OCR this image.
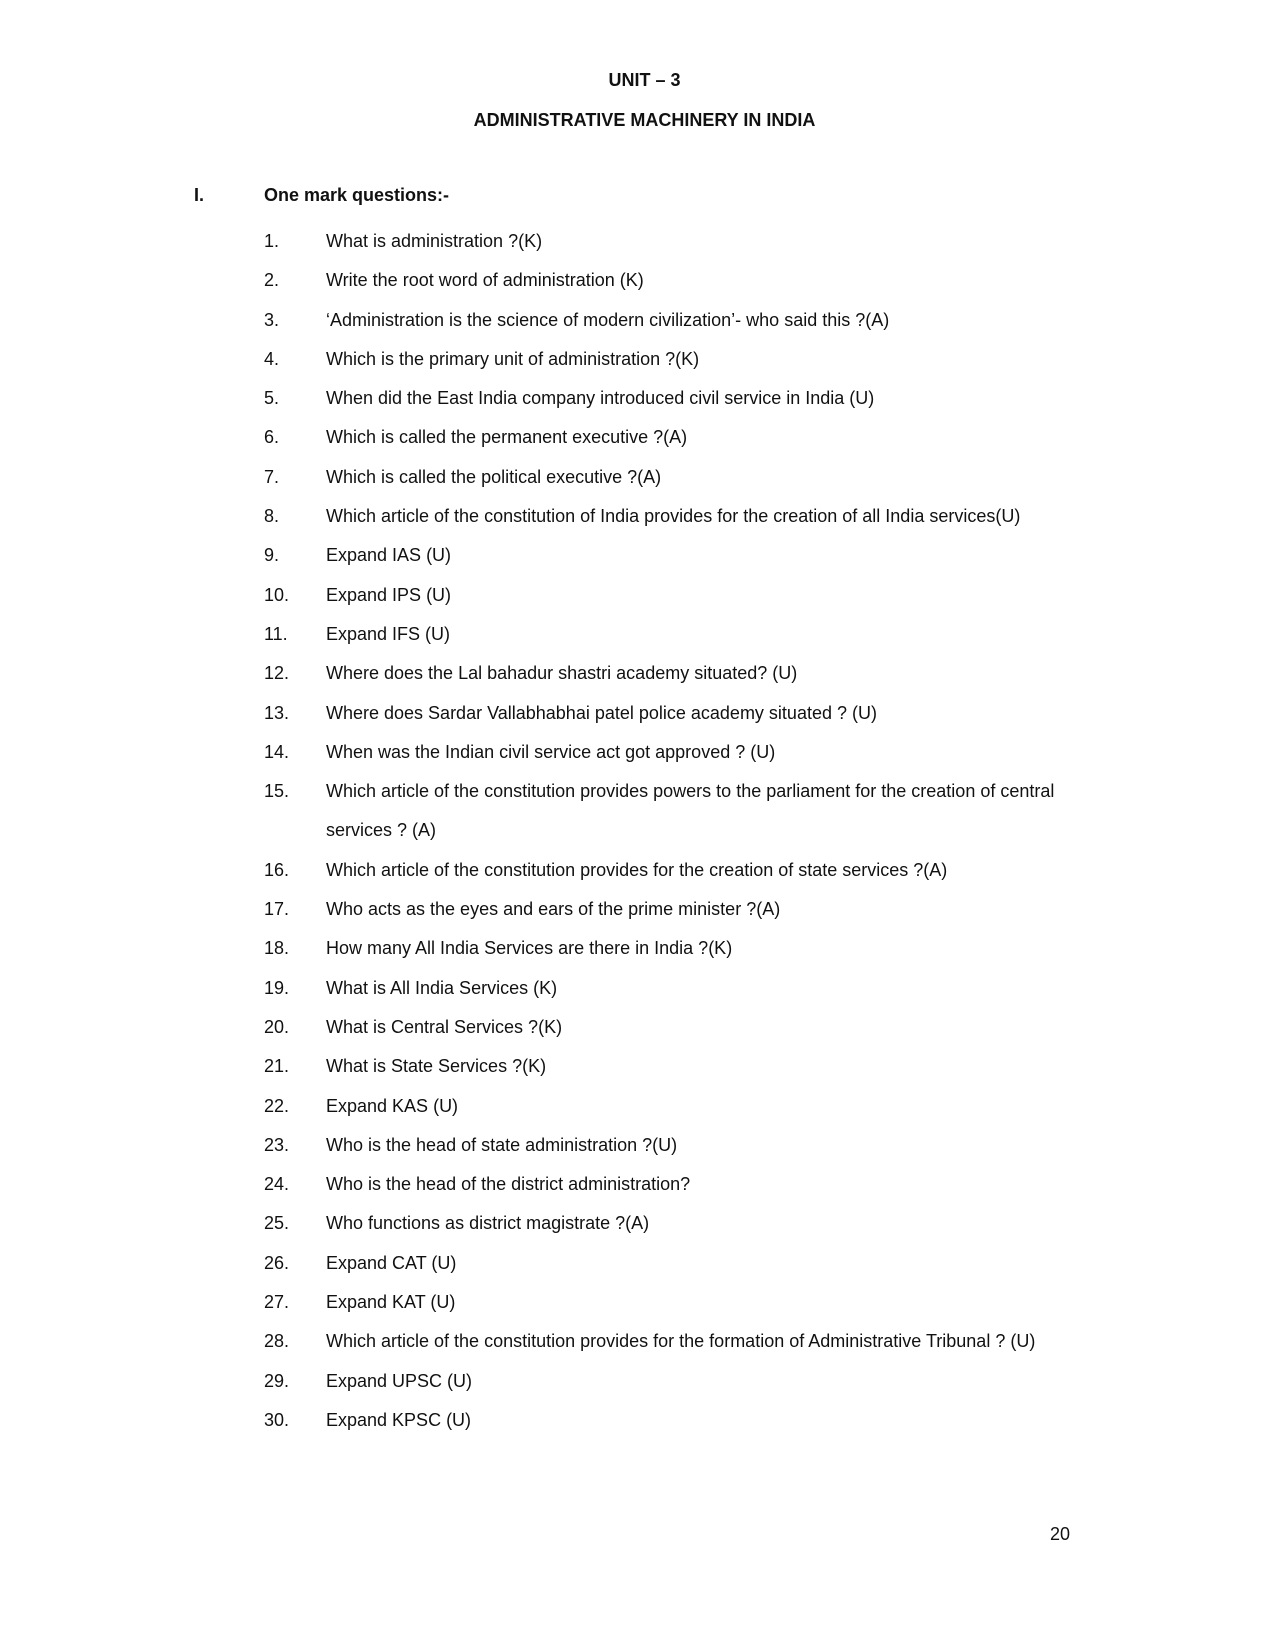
UNIT – 3
ADMINISTRATIVE MACHINERY IN INDIA
I.	One mark questions:-
1.	What is administration ?(K)
2.	Write the root word of administration (K)
3.	‘Administration is the science of modern civilization’- who said this ?(A)
4.	Which is the primary unit of administration ?(K)
5.	When did the East India company introduced civil service in India (U)
6.	Which is called the permanent executive ?(A)
7.	Which is called the political executive ?(A)
8.	Which article of the constitution of India provides for the creation of all India services(U)
9.	Expand IAS (U)
10. Expand IPS (U)
11. Expand IFS (U)
12. Where does the Lal bahadur shastri academy situated? (U)
13. Where does Sardar Vallabhabhai patel police academy situated ? (U)
14. When was the Indian civil service act got approved ? (U)
15. Which article of the constitution provides powers to the parliament for the creation of central services ? (A)
16. Which article of the constitution provides for the creation of state services ?(A)
17. Who acts as the eyes and ears of the prime minister ?(A)
18. How many All India Services are there in India ?(K)
19. What is All India Services (K)
20. What is Central Services ?(K)
21. What is State Services ?(K)
22. Expand KAS (U)
23. Who is the head of state administration ?(U)
24. Who is the head of the district administration?
25. Who functions as district magistrate ?(A)
26. Expand CAT (U)
27. Expand KAT (U)
28. Which article of the constitution provides for the formation of Administrative Tribunal ? (U)
29. Expand UPSC (U)
30. Expand KPSC (U)
20
